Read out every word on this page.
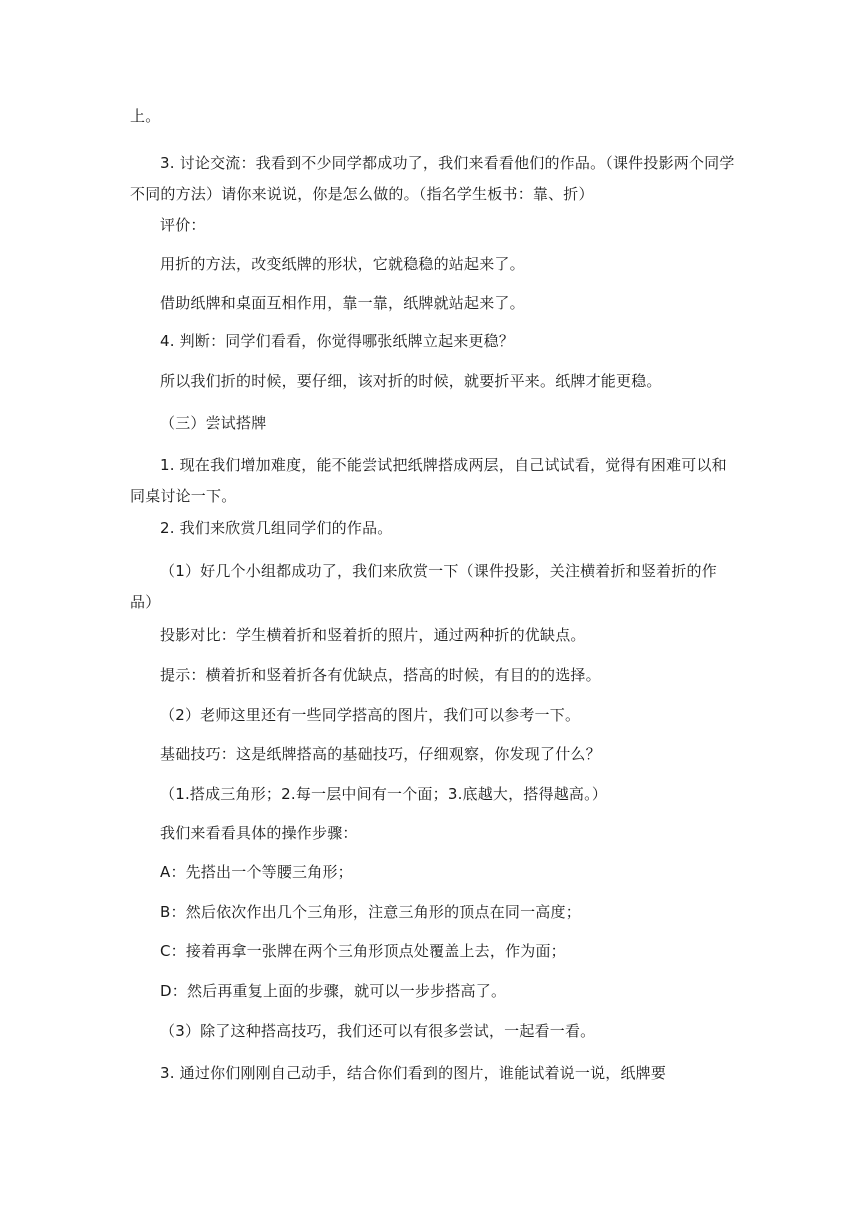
上。

3. 讨论交流：我看到不少同学都成功了，我们来看看他们的作品。（课件投影两个同学不同的方法）请你来说说，你是怎么做的。（指名学生板书：靠、折）

评价：

用折的方法，改变纸牌的形状，它就稳稳的站起来了。

借助纸牌和桌面互相作用，靠一靠，纸牌就站起来了。

4. 判断：同学们看看，你觉得哪张纸牌立起来更稳？

所以我们折的时候，要仔细，该对折的时候，就要折平来。纸牌才能更稳。

（三）尝试搭牌

1. 现在我们增加难度，能不能尝试把纸牌搭成两层，自己试试看，觉得有困难可以和同桌讨论一下。

2. 我们来欣赏几组同学们的作品。

（1）好几个小组都成功了，我们来欣赏一下（课件投影，关注横着折和竖着折的作品）

投影对比：学生横着折和竖着折的照片，通过两种折的优缺点。

提示：横着折和竖着折各有优缺点，搭高的时候，有目的的选择。

（2）老师这里还有一些同学搭高的图片，我们可以参考一下。

基础技巧：这是纸牌搭高的基础技巧，仔细观察，你发现了什么？

（1.搭成三角形；2.每一层中间有一个面；3.底越大，搭得越高。）

我们来看看具体的操作步骤：

A：先搭出一个等腰三角形；

B：然后依次作出几个三角形，注意三角形的顶点在同一高度；

C：接着再拿一张牌在两个三角形顶点处覆盖上去，作为面；

D：然后再重复上面的步骤，就可以一步步搭高了。

（3）除了这种搭高技巧，我们还可以有很多尝试，一起看一看。

3. 通过你们刚刚自己动手，结合你们看到的图片，谁能试着说一说，纸牌要
